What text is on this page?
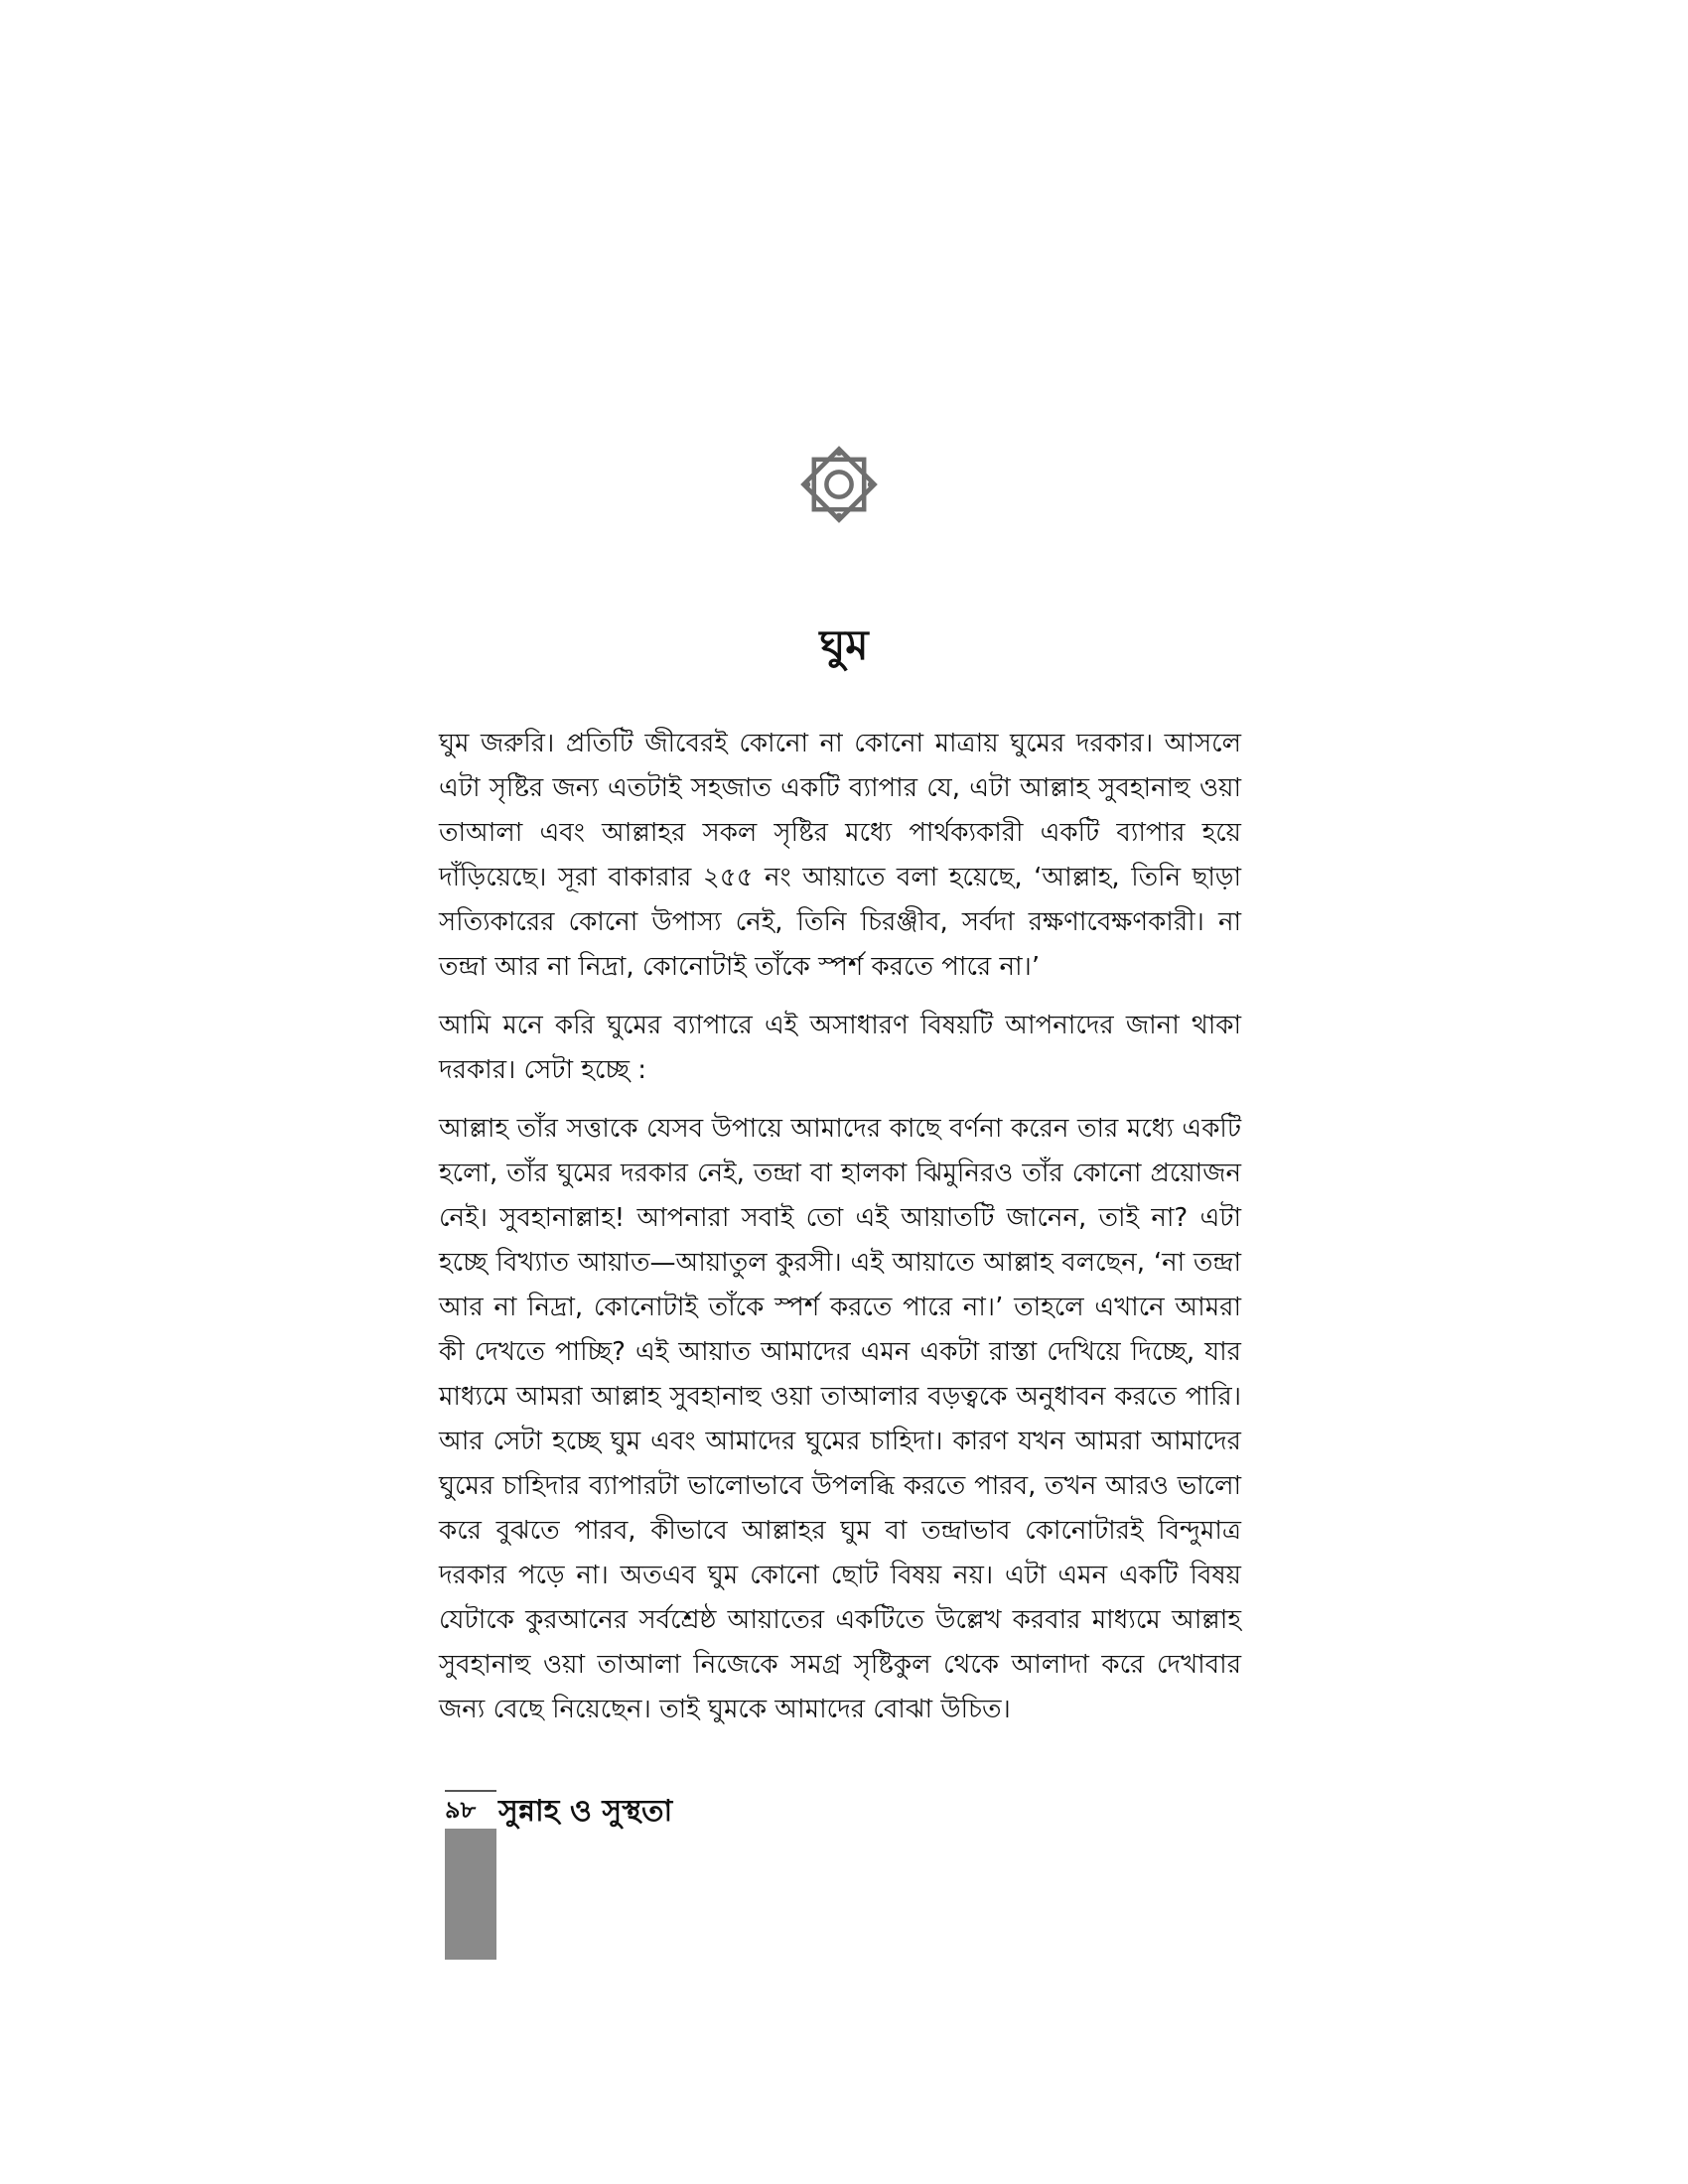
ঘুম

ঘুম জরুরি। প্রতিটি জীবেরই কোনো না কোনো মাত্রায় ঘুমের দরকার। আসলে এটা সৃষ্টির জন্য এতটাই সহজাত একটি ব্যাপার যে, এটা আল্লাহ সুবহানাহু ওয়া তাআলা এবং আল্লাহর সকল সৃষ্টির মধ্যে পার্থক্যকারী একটি ব্যাপার হয়ে দাঁড়িয়েছে। সূরা বাকারার ২৫৫ নং আয়াতে বলা হয়েছে, ‘আল্লাহ, তিনি ছাড়া সত্যিকারের কোনো উপাস্য নেই, তিনি চিরঞ্জীব, সর্বদা রক্ষণাবেক্ষণকারী। না তন্দ্রা আর না নিদ্রা, কোনোটাই তাঁকে স্পর্শ করতে পারে না।’

আমি মনে করি ঘুমের ব্যাপারে এই অসাধারণ বিষয়টি আপনাদের জানা থাকা দরকার। সেটা হচ্ছে :

আল্লাহ তাঁর সত্তাকে যেসব উপায়ে আমাদের কাছে বর্ণনা করেন তার মধ্যে একটি হলো, তাঁর ঘুমের দরকার নেই, তন্দ্রা বা হালকা ঝিমুনিরও তাঁর কোনো প্রয়োজন নেই। সুবহানাল্লাহ! আপনারা সবাই তো এই আয়াতটি জানেন, তাই না? এটা হচ্ছে বিখ্যাত আয়াত—আয়াতুল কুরসী। এই আয়াতে আল্লাহ বলছেন, ‘না তন্দ্রা আর না নিদ্রা, কোনোটাই তাঁকে স্পর্শ করতে পারে না।’ তাহলে এখানে আমরা কী দেখতে পাচ্ছি? এই আয়াত আমাদের এমন একটা রাস্তা দেখিয়ে দিচ্ছে, যার মাধ্যমে আমরা আল্লাহ সুবহানাহু ওয়া তাআলার বড়ত্বকে অনুধাবন করতে পারি। আর সেটা হচ্ছে ঘুম এবং আমাদের ঘুমের চাহিদা। কারণ যখন আমরা আমাদের ঘুমের চাহিদার ব্যাপারটা ভালোভাবে উপলব্ধি করতে পারব, তখন আরও ভালো করে বুঝতে পারব, কীভাবে আল্লাহর ঘুম বা তন্দ্রাভাব কোনোটারই বিন্দুমাত্র দরকার পড়ে না। অতএব ঘুম কোনো ছোট বিষয় নয়। এটা এমন একটি বিষয় যেটাকে কুরআনের সর্বশ্রেষ্ঠ আয়াতের একটিতে উল্লেখ করবার মাধ্যমে আল্লাহ সুবহানাহু ওয়া তাআলা নিজেকে সমগ্র সৃষ্টিকুল থেকে আলাদা করে দেখাবার জন্য বেছে নিয়েছেন। তাই ঘুমকে আমাদের বোঝা উচিত।

৯৮ সুন্নাহ ও সুস্থতা
